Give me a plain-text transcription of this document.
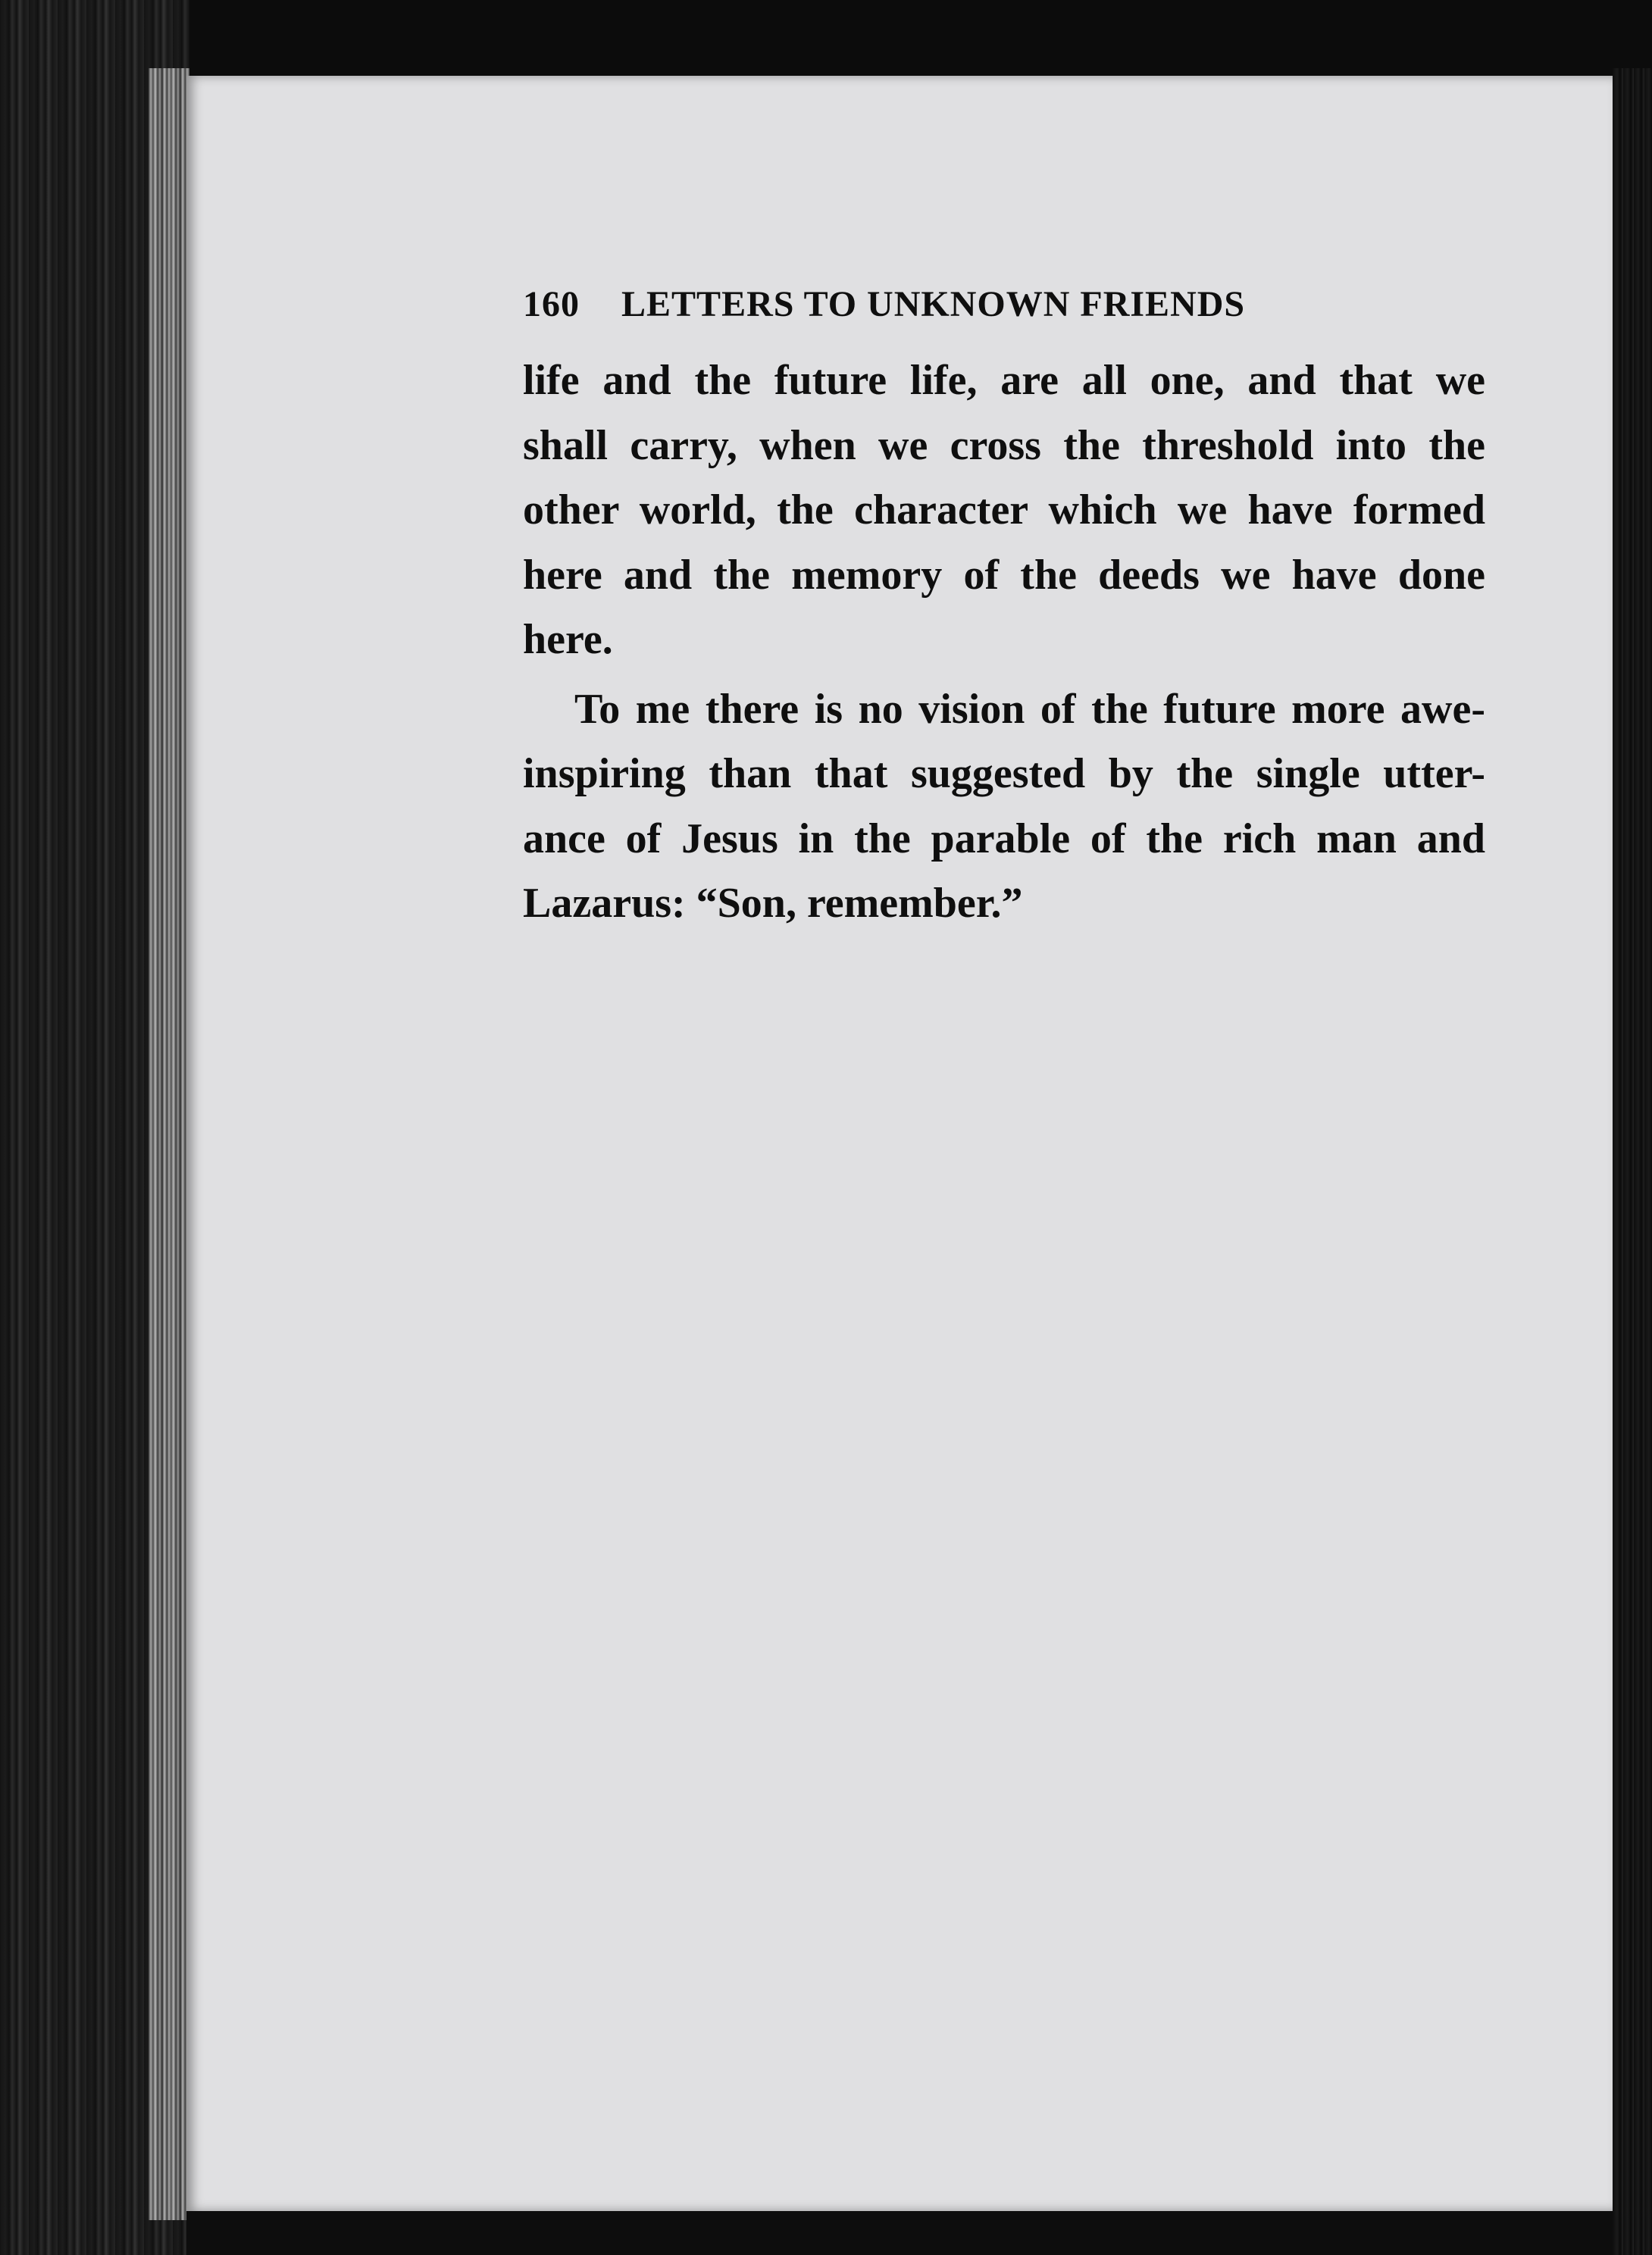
160	LETTERS TO UNKNOWN FRIENDS

life and the future life, are all one, and that we
shall carry, when we cross the threshold into the
other world, the character which we have formed
here and the memory of the deeds we have done
here.

To me there is no vision of the future more awe-
inspiring than that suggested by the single utter-
ance of Jesus in the parable of the rich man and
Lazarus: “Son, remember.”
